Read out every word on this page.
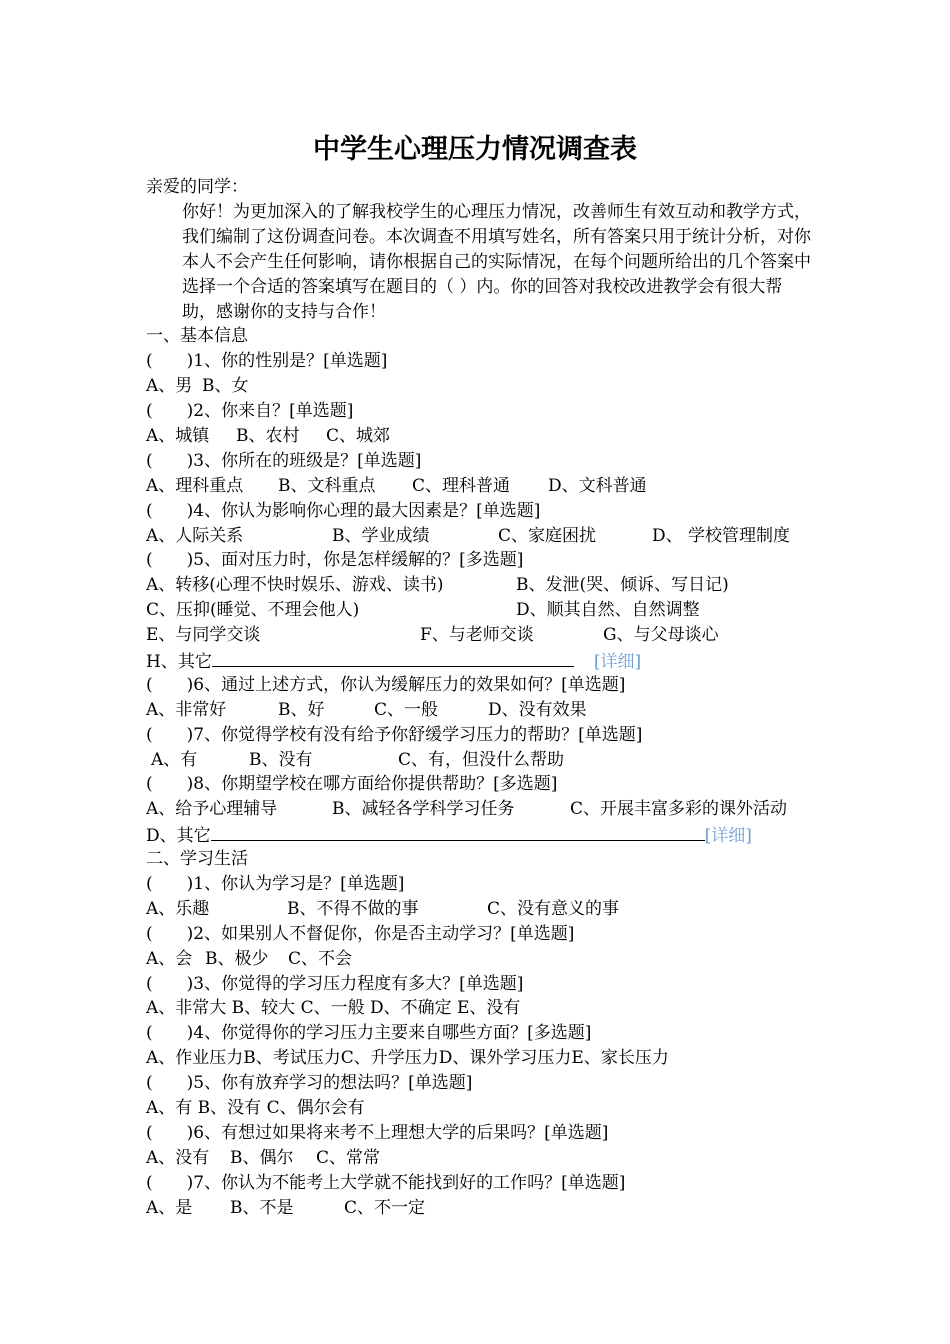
中学生心理压力情况调查表
亲爱的同学：
你好！为更加深入的了解我校学生的心理压力情况，改善师生有效互动和教学方式，我们编制了这份调查问卷。本次调查不用填写姓名，所有答案只用于统计分析，对你本人不会产生任何影响，请你根据自己的实际情况，在每个问题所给出的几个答案中选择一个合适的答案填写在题目的（ ）内。你的回答对我校改进教学会有很大帮助，感谢你的支持与合作！
一、基本信息
(　　)1、你的性别是？[单选题]
A、男 B、女
(　　)2、你来自？[单选题]
A、城镇 B、农村 C、城郊
(　　)3、你所在的班级是？[单选题]
A、理科重点 B、文科重点 C、理科普通 D、文科普通
(　　)4、你认为影响你心理的最大因素是？[单选题]
A、人际关系	B、学业成绩	C、家庭困扰	D、 学校管理制度
(　　)5、面对压力时，你是怎样缓解的？[多选题]
A、转移(心理不快时娱乐、游戏、读书)	B、发泄(哭、倾诉、写日记)
C、压抑(睡觉、不理会他人)	D、顺其自然、自然调整
E、与同学交谈	F、与老师交谈	G、与父母谈心
H、其它	[详细]
(　　)6、通过上述方式，你认为缓解压力的效果如何？[单选题]
A、非常好	B、好	C、一般	D、没有效果
(　　)7、你觉得学校有没有给予你舒缓学习压力的帮助？[单选题]
A、有	B、没有	C、有，但没什么帮助
(　　)8、你期望学校在哪方面给你提供帮助？[多选题]
A、给予心理辅导	B、减轻各学科学习任务	C、开展丰富多彩的课外活动
D、其它	[详细]
二、学习生活
(　　)1、你认为学习是？[单选题]
A、乐趣	B、不得不做的事	C、没有意义的事
(　　)2、如果别人不督促你，你是否主动学习？[单选题]
A、会 B、极少 C、不会
(　　)3、你觉得的学习压力程度有多大？[单选题]
A、非常大 B、较大 C、一般 D、不确定 E、没有
(　　)4、你觉得你的学习压力主要来自哪些方面？[多选题]
A、作业压力B、考试压力C、升学压力D、课外学习压力E、家长压力
(　　)5、你有放弃学习的想法吗？[单选题]
A、有 B、没有 C、偶尔会有
(　　)6、有想过如果将来考不上理想大学的后果吗？[单选题]
A、没有 B、偶尔 C、常常
(　　)7、你认为不能考上大学就不能找到好的工作吗？[单选题]
A、是 B、不是	C、不一定
